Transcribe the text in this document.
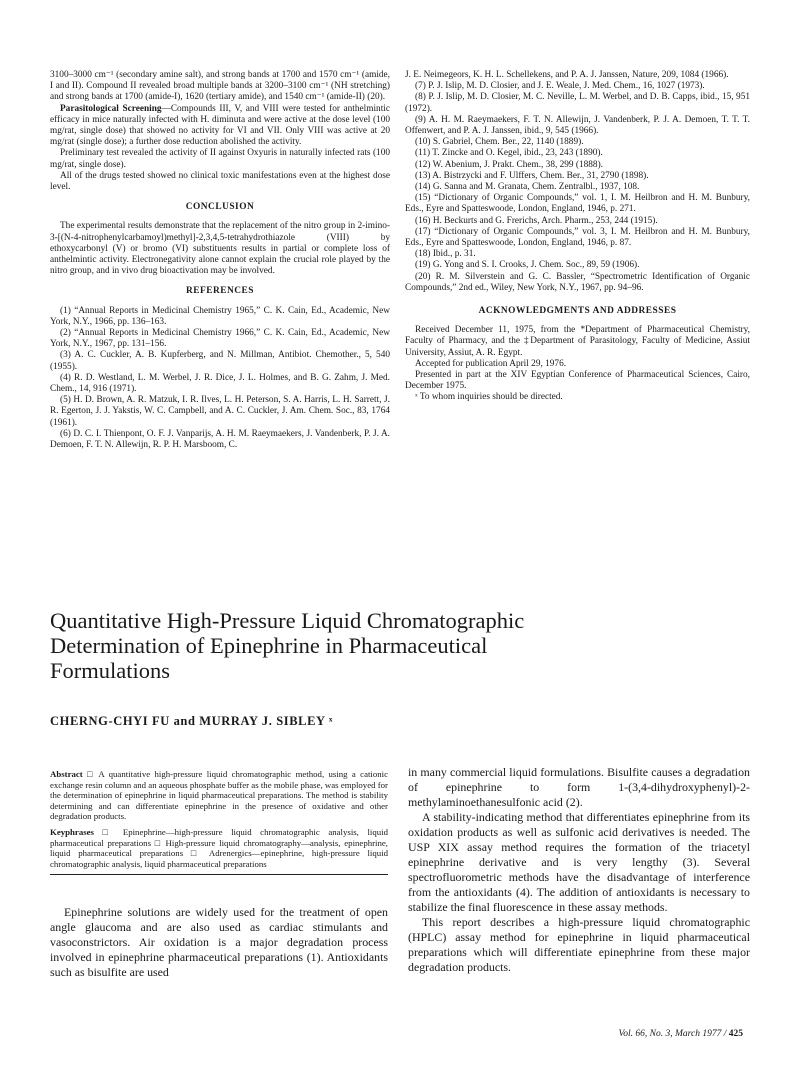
3100–3000 cm⁻¹ (secondary amine salt), and strong bands at 1700 and 1570 cm⁻¹ (amide, I and II). Compound II revealed broad multiple bands at 3200–3100 cm⁻¹ (NH stretching) and strong bands at 1700 (amide-I), 1620 (tertiary amide), and 1540 cm⁻¹ (amide-II) (20).

Parasitological Screening—Compounds III, V, and VIII were tested for anthelmintic efficacy in mice naturally infected with H. diminuta and were active at the dose level (100 mg/rat, single dose) that showed no activity for VI and VII. Only VIII was active at 20 mg/rat (single dose); a further dose reduction abolished the activity.

Preliminary test revealed the activity of II against Oxyuris in naturally infected rats (100 mg/rat, single dose).

All of the drugs tested showed no clinical toxic manifestations even at the highest dose level.

CONCLUSION

The experimental results demonstrate that the replacement of the nitro group in 2-imino-3-[(N-4-nitrophenylcarbamoyl)methyl]-2,3,4,5-tetrahydrothiazole (VIII) by ethoxycarbonyl (V) or bromo (VI) substituents results in partial or complete loss of anthelmintic activity. Electronegativity alone cannot explain the crucial role played by the nitro group, and in vivo drug bioactivation may be involved.

REFERENCES

(1) “Annual Reports in Medicinal Chemistry 1965,” C. K. Cain, Ed., Academic, New York, N.Y., 1966, pp. 136–163.

(2) “Annual Reports in Medicinal Chemistry 1966,” C. K. Cain, Ed., Academic, New York, N.Y., 1967, pp. 131–156.

(3) A. C. Cuckler, A. B. Kupferberg, and N. Millman, Antibiot. Chemother., 5, 540 (1955).

(4) R. D. Westland, L. M. Werbel, J. R. Dice, J. L. Holmes, and B. G. Zahm, J. Med. Chem., 14, 916 (1971).

(5) H. D. Brown, A. R. Matzuk, I. R. Ilves, L. H. Peterson, S. A. Harris, L. H. Sarrett, J. R. Egerton, J. J. Yakstis, W. C. Campbell, and A. C. Cuckler, J. Am. Chem. Soc., 83, 1764 (1961).

(6) D. C. I. Thienpont, O. F. J. Vanparijs, A. H. M. Raeymaekers, J. Vandenberk, P. J. A. Demoen, F. T. N. Allewijn, R. P. H. Marsboom, C.

J. E. Neimegeors, K. H. L. Schellekens, and P. A. J. Janssen, Nature, 209, 1084 (1966).

(7) P. J. Islip, M. D. Closier, and J. E. Weale, J. Med. Chem., 16, 1027 (1973).

(8) P. J. Islip, M. D. Closier, M. C. Neville, L. M. Werbel, and D. B. Capps, ibid., 15, 951 (1972).

(9) A. H. M. Raeymaekers, F. T. N. Allewijn, J. Vandenberk, P. J. A. Demoen, T. T. T. Offenwert, and P. A. J. Janssen, ibid., 9, 545 (1966).

(10) S. Gabriel, Chem. Ber., 22, 1140 (1889).

(11) T. Zincke and O. Kegel, ibid., 23, 243 (1890).

(12) W. Abenium, J. Prakt. Chem., 38, 299 (1888).

(13) A. Bistrzycki and F. Ulffers, Chem. Ber., 31, 2790 (1898).

(14) G. Sanna and M. Granata, Chem. Zentralbl., 1937, 108.

(15) “Dictionary of Organic Compounds,” vol. 1, I. M. Heilbron and H. M. Bunbury, Eds., Eyre and Spatteswoode, London, England, 1946, p. 271.

(16) H. Beckurts and G. Frerichs, Arch. Pharm., 253, 244 (1915).

(17) “Dictionary of Organic Compounds,” vol. 3, I. M. Heilbron and H. M. Bunbury, Eds., Eyre and Spatteswoode, London, England, 1946, p. 87.

(18) Ibid., p. 31.

(19) G. Yong and S. I. Crooks, J. Chem. Soc., 89, 59 (1906).

(20) R. M. Silverstein and G. C. Bassler, “Spectrometric Identification of Organic Compounds,” 2nd ed., Wiley, New York, N.Y., 1967, pp. 94–96.

ACKNOWLEDGMENTS AND ADDRESSES

Received December 11, 1975, from the *Department of Pharmaceutical Chemistry, Faculty of Pharmacy, and the ‡Department of Parasitology, Faculty of Medicine, Assiut University, Assiut, A. R. Egypt.

Accepted for publication April 29, 1976.

Presented in part at the XIV Egyptian Conference of Pharmaceutical Sciences, Cairo, December 1975.

ˣ To whom inquiries should be directed.

Quantitative High-Pressure Liquid Chromatographic Determination of Epinephrine in Pharmaceutical Formulations

CHERNG-CHYI FU and MURRAY J. SIBLEY ˣ

Abstract □ A quantitative high-pressure liquid chromatographic method, using a cationic exchange resin column and an aqueous phosphate buffer as the mobile phase, was employed for the determination of epinephrine in liquid pharmaceutical preparations. The method is stability determining and can differentiate epinephrine in the presence of oxidative and other degradation products.

Keyphrases □ Epinephrine—high-pressure liquid chromatographic analysis, liquid pharmaceutical preparations □ High-pressure liquid chromatography—analysis, epinephrine, liquid pharmaceutical preparations □ Adrenergics—epinephrine, high-pressure liquid chromatographic analysis, liquid pharmaceutical preparations

Epinephrine solutions are widely used for the treatment of open angle glaucoma and are also used as cardiac stimulants and vasoconstrictors. Air oxidation is a major degradation process involved in epinephrine pharmaceutical preparations (1). Antioxidants such as bisulfite are used

in many commercial liquid formulations. Bisulfite causes a degradation of epinephrine to form 1-(3,4-dihydroxyphenyl)-2-methylaminoethanesulfonic acid (2).

A stability-indicating method that differentiates epinephrine from its oxidation products as well as sulfonic acid derivatives is needed. The USP XIX assay method requires the formation of the triacetyl epinephrine derivative and is very lengthy (3). Several spectrofluorometric methods have the disadvantage of interference from the antioxidants (4). The addition of antioxidants is necessary to stabilize the final fluorescence in these assay methods.

This report describes a high-pressure liquid chromatographic (HPLC) assay method for epinephrine in liquid pharmaceutical preparations which will differentiate epinephrine from these major degradation products.

Vol. 66, No. 3, March 1977 / 425
